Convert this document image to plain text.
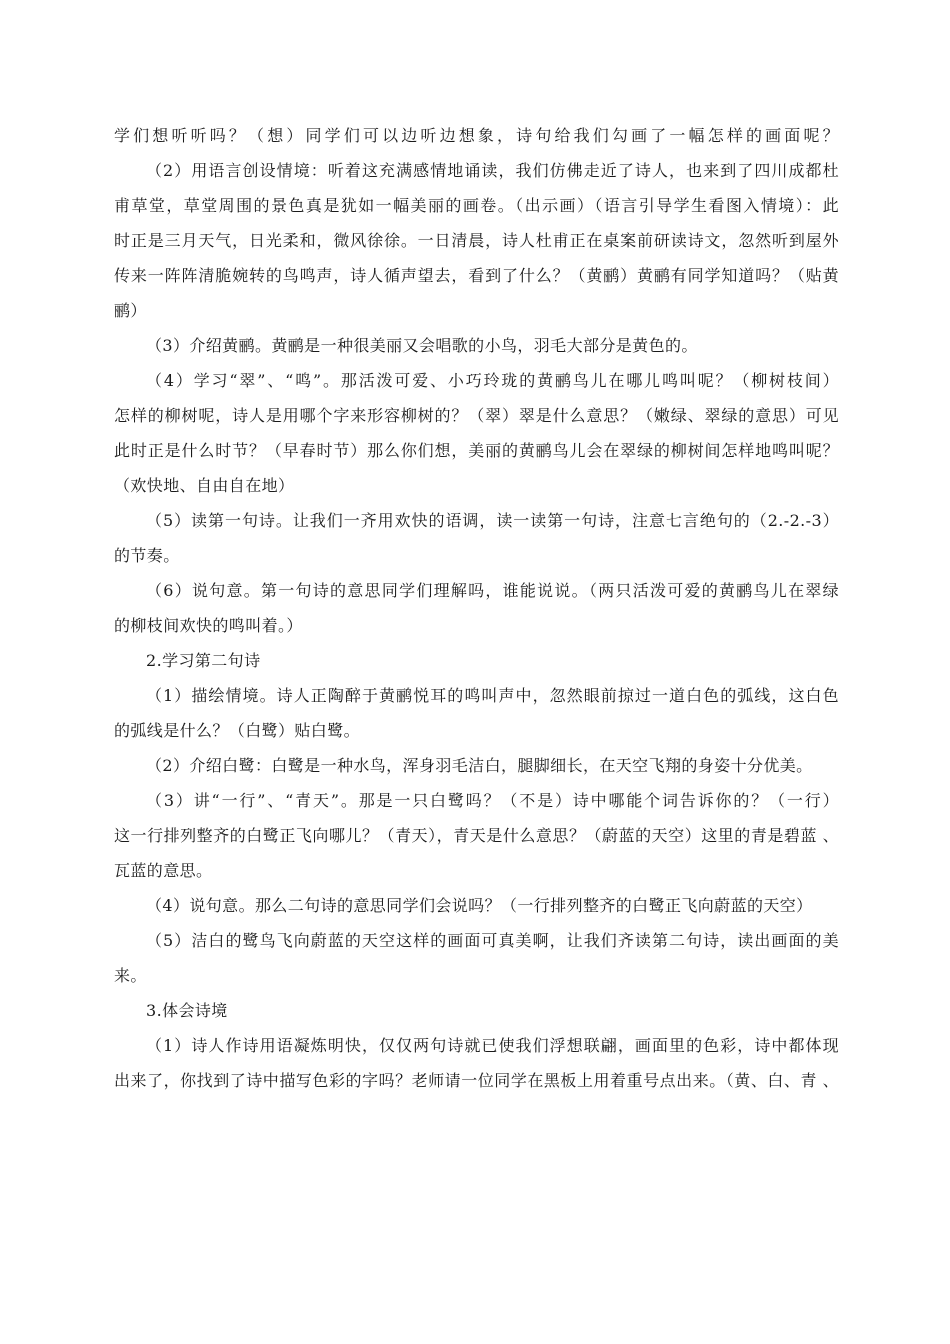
学们想听听吗？（想）同学们可以边听边想象，诗句给我们勾画了一幅怎样的画面呢？
（2）用语言创设情境：听着这充满感情地诵读，我们仿佛走近了诗人，也来到了四川成都杜
甫草堂，草堂周围的景色真是犹如一幅美丽的画卷。（出示画）（语言引导学生看图入情境）：此
时正是三月天气，日光柔和，微风徐徐。一日清晨，诗人杜甫正在桌案前研读诗文，忽然听到屋外
传来一阵阵清脆婉转的鸟鸣声，诗人循声望去，看到了什么？（黄鹂）黄鹂有同学知道吗？（贴黄
鹂）
（3）介绍黄鹂。黄鹂是一种很美丽又会唱歌的小鸟，羽毛大部分是黄色的。
（4）学习“翠”、“鸣”。那活泼可爱、小巧玲珑的黄鹂鸟儿在哪儿鸣叫呢？（柳树枝间）
怎样的柳树呢，诗人是用哪个字来形容柳树的？（翠）翠是什么意思？（嫩绿、翠绿的意思）可见
此时正是什么时节？（早春时节）那么你们想，美丽的黄鹂鸟儿会在翠绿的柳树间怎样地鸣叫呢？
（欢快地、自由自在地）
（5）读第一句诗。让我们一齐用欢快的语调，读一读第一句诗，注意七言绝句的（2.-2.-3）
的节奏。
（6）说句意。第一句诗的意思同学们理解吗，谁能说说。（两只活泼可爱的黄鹂鸟儿在翠绿
的柳枝间欢快的鸣叫着。）
2.学习第二句诗
（1）描绘情境。诗人正陶醉于黄鹂悦耳的鸣叫声中，忽然眼前掠过一道白色的弧线，这白色
的弧线是什么？（白鹭）贴白鹭。
（2）介绍白鹭：白鹭是一种水鸟，浑身羽毛洁白，腿脚细长，在天空飞翔的身姿十分优美。
（3）讲“一行”、“青天”。那是一只白鹭吗？（不是）诗中哪能个词告诉你的？（一行）
这一行排列整齐的白鹭正飞向哪儿？（青天），青天是什么意思？（蔚蓝的天空）这里的青是碧蓝 、
瓦蓝的意思。
（4）说句意。那么二句诗的意思同学们会说吗？（一行排列整齐的白鹭正飞向蔚蓝的天空）
（5）洁白的鹭鸟飞向蔚蓝的天空这样的画面可真美啊，让我们齐读第二句诗，读出画面的美
来。
3.体会诗境
（1）诗人作诗用语凝炼明快，仅仅两句诗就已使我们浮想联翩，画面里的色彩，诗中都体现
出来了，你找到了诗中描写色彩的字吗？老师请一位同学在黑板上用着重号点出来。（黄、白、青 、
